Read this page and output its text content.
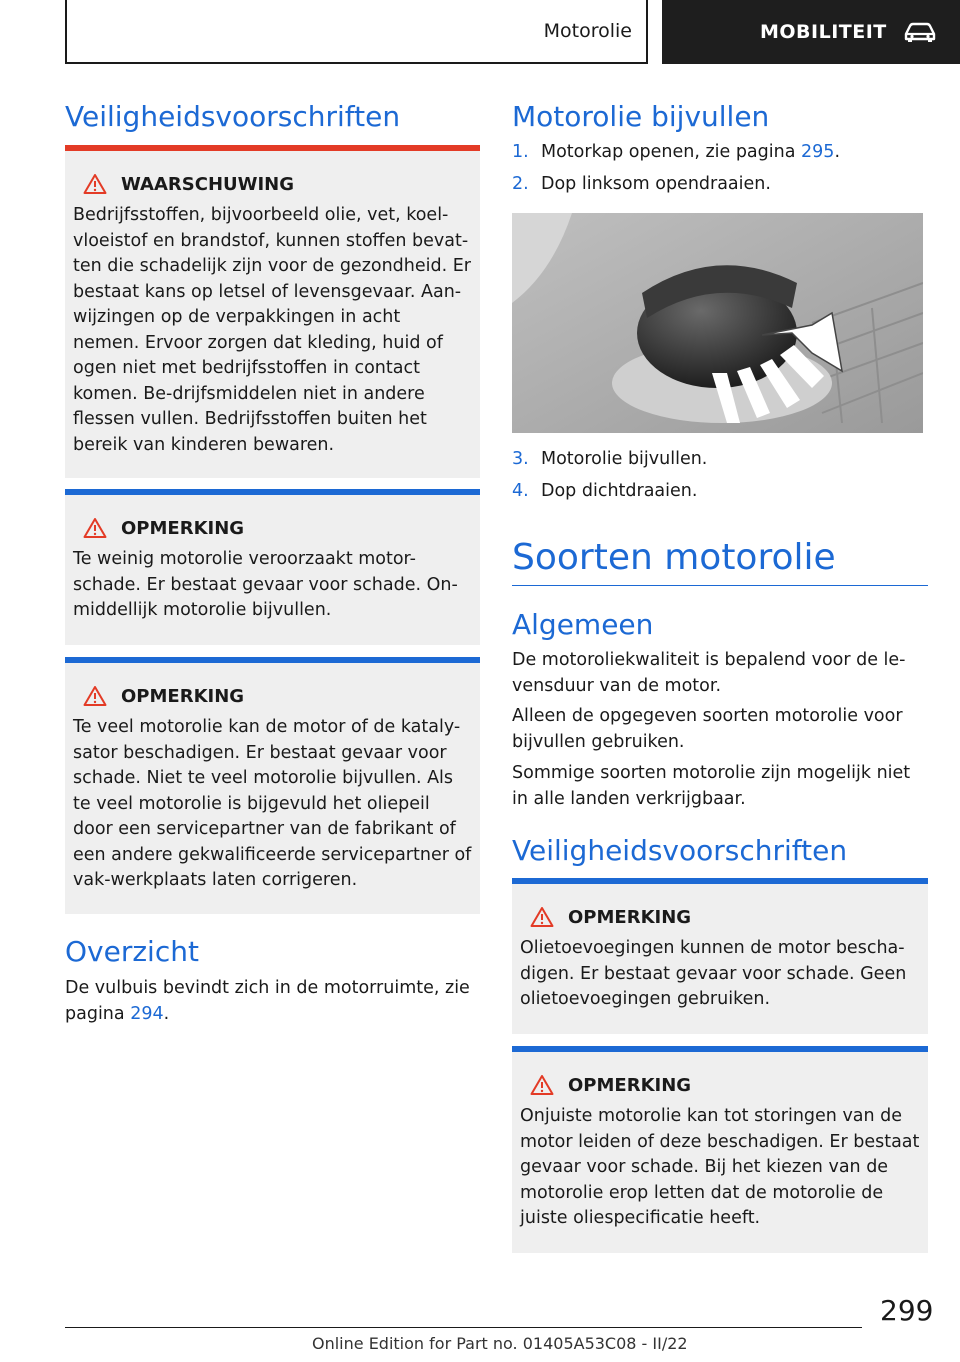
Motorolie	MOBILITEIT
Veiligheidsvoorschriften
WAARSCHUWING
Bedrijfsstoffen, bijvoorbeeld olie, vet, koel-vloeistof en brandstof, kunnen stoffen bevat-ten die schadelijk zijn voor de gezondheid. Er bestaat kans op letsel of levensgevaar. Aan-wijzingen op de verpakkingen in acht nemen. Ervoor zorgen dat kleding, huid of ogen niet met bedrijfsstoffen in contact komen. Be-drijfsmiddelen niet in andere flessen vullen. Bedrijfsstoffen buiten het bereik van kinderen bewaren.
OPMERKING
Te weinig motorolie veroorzaakt motor-schade. Er bestaat gevaar voor schade. On-middellijk motorolie bijvullen.
OPMERKING
Te veel motorolie kan de motor of de kataly-sator beschadigen. Er bestaat gevaar voor schade. Niet te veel motorolie bijvullen. Als te veel motorolie is bijgevuld het oliepeil door een servicepartner van de fabrikant of een andere gekwalificeerde servicepartner of vak-werkplaats laten corrigeren.
Overzicht
De vulbuis bevindt zich in de motorruimte, zie pagina 294.
Motorolie bijvullen
1. Motorkap openen, zie pagina 295.
2. Dop linksom opendraaien.
3. Motorolie bijvullen.
4. Dop dichtdraaien.
Soorten motorolie
Algemeen
De motoroliekwaliteit is bepalend voor de le-vensduur van de motor.
Alleen de opgegeven soorten motorolie voor bijvullen gebruiken.
Sommige soorten motorolie zijn mogelijk niet in alle landen verkrijgbaar.
Veiligheidsvoorschriften
OPMERKING
Olietoevoegingen kunnen de motor bescha-digen. Er bestaat gevaar voor schade. Geen olietoevoegingen gebruiken.
OPMERKING
Onjuiste motorolie kan tot storingen van de motor leiden of deze beschadigen. Er bestaat gevaar voor schade. Bij het kiezen van de motorolie erop letten dat de motorolie de juiste oliespecificatie heeft.
299
Online Edition for Part no. 01405A53C08 - II/22
